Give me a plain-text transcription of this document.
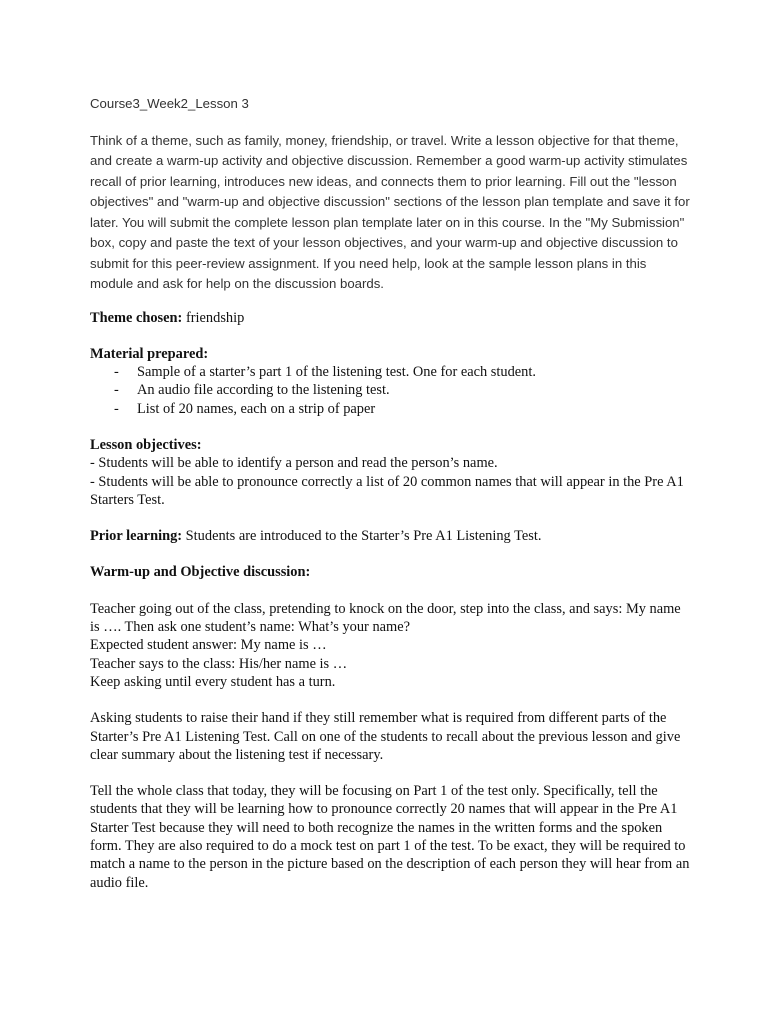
Course3_Week2_Lesson 3

Think of a theme, such as family, money, friendship, or travel. Write a lesson objective for that theme, and create a warm-up activity and objective discussion. Remember a good warm-up activity stimulates recall of prior learning, introduces new ideas, and connects them to prior learning. Fill out the "lesson objectives" and "warm-up and objective discussion" sections of the lesson plan template and save it for later. You will submit the complete lesson plan template later on in this course. In the "My Submission" box, copy and paste the text of your lesson objectives, and your warm-up and objective discussion to submit for this peer-review assignment. If you need help, look at the sample lesson plans in this module and ask for help on the discussion boards.

Theme chosen: friendship

Material prepared:

- Sample of a starter’s part 1 of the listening test. One for each student.
- An audio file according to the listening test.
- List of 20 names, each on a strip of paper

Lesson objectives:

- Students will be able to identify a person and read the person’s name.

- Students will be able to pronounce correctly a list of 20 common names that will appear in the Pre A1 Starters Test.

Prior learning: Students are introduced to the Starter’s Pre A1 Listening Test.

Warm-up and Objective discussion:

Teacher going out of the class, pretending to knock on the door, step into the class, and says: My name is …. Then ask one student’s name: What’s your name?

Expected student answer: My name is …

Teacher says to the class: His/her name is …

Keep asking until every student has a turn.

Asking students to raise their hand if they still remember what is required from different parts of the Starter’s Pre A1 Listening Test. Call on one of the students to recall about the previous lesson and give clear summary about the listening test if necessary.

Tell the whole class that today, they will be focusing on Part 1 of the test only. Specifically, tell the students that they will be learning how to pronounce correctly 20 names that will appear in the Pre A1 Starter Test because they will need to both recognize the names in the written forms and the spoken form. They are also required to do a mock test on part 1 of the test. To be exact, they will be required to match a name to the person in the picture based on the description of each person they will hear from an audio file.
